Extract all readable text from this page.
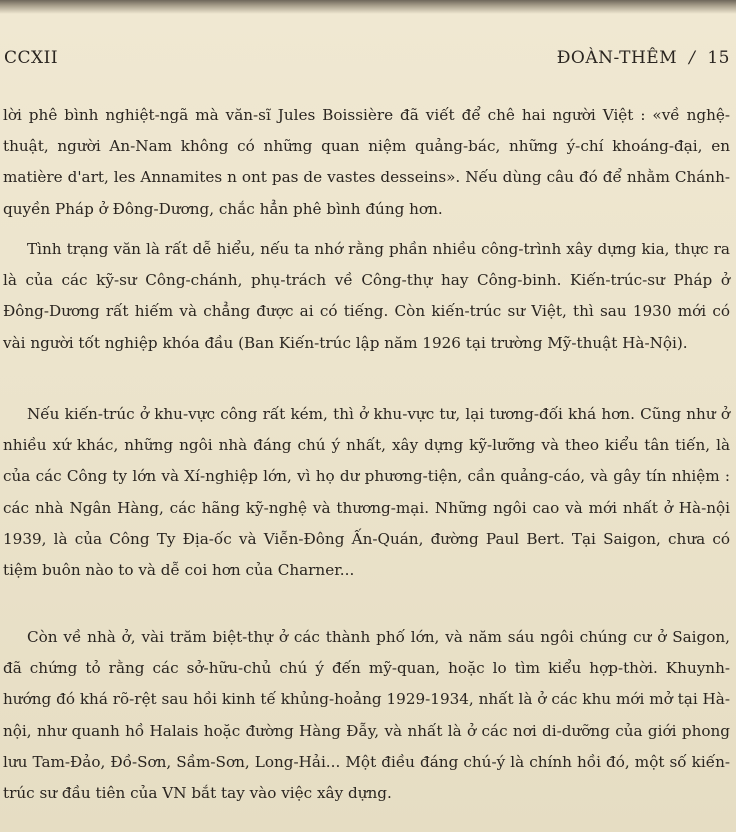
CCXII	ĐOÀN-THÊM / 15

lời phê bình nghiệt-ngã mà văn-sĩ Jules Boissière đã viết để chê hai người Việt : «về nghệ-thuật, người An-Nam không có những quan niệm quảng-bác, những ý-chí khoáng-đại, en matière d'art, les Annamites n ont pas de vastes desseins». Nếu dùng câu đó để nhằm Chánh-quyền Pháp ở Đông-Dương, chắc hẳn phê bình đúng hơn.

Tình trạng văn là rất dễ hiểu, nếu ta nhớ rằng phần nhiều công-trình xây dựng kia, thực ra là của các kỹ-sư Công-chánh, phụ-trách về Công-thự hay Công-binh. Kiến-trúc-sư Pháp ở Đông-Dương rất hiếm và chẳng được ai có tiếng. Còn kiến-trúc sư Việt, thì sau 1930 mới có vài người tốt nghiệp khóa đầu (Ban Kiến-trúc lập năm 1926 tại trường Mỹ-thuật Hà-Nội).

Nếu kiến-trúc ở khu-vực công rất kém, thì ở khu-vực tư, lại tương-đối khá hơn. Cũng như ở nhiều xứ khác, những ngôi nhà đáng chú ý nhất, xây dựng kỹ-lưỡng và theo kiểu tân tiến, là của các Công ty lớn và Xí-nghiệp lớn, vì họ dư phương-tiện, cần quảng-cáo, và gây tín nhiệm : các nhà Ngân Hàng, các hãng kỹ-nghệ và thương-mại. Những ngôi cao và mới nhất ở Hà-nội 1939, là của Công Ty Địa-ốc và Viễn-Đông Ấn-Quán, đường Paul Bert. Tại Saigon, chưa có tiệm buôn nào to và dễ coi hơn của Charner...

Còn về nhà ở, vài trăm biệt-thự ở các thành phố lớn, và năm sáu ngôi chúng cư ở Saigon, đã chứng tỏ rằng các sở-hữu-chủ chú ý đến mỹ-quan, hoặc lo tìm kiểu hợp-thời. Khuynh-hướng đó khá rõ-rệt sau hồi kinh tế khủng-hoảng 1929-1934, nhất là ở các khu mới mở tại Hà-nội, như quanh hồ Halais hoặc đường Hàng Đẫy, và nhất là ở các nơi di-dưỡng của giới phong lưu Tam-Đảo, Đồ-Sơn, Sầm-Sơn, Long-Hải... Một điều đáng chú-ý là chính hồi đó, một số kiến-trúc sư đầu tiên của VN bắt tay vào việc xây dựng.
